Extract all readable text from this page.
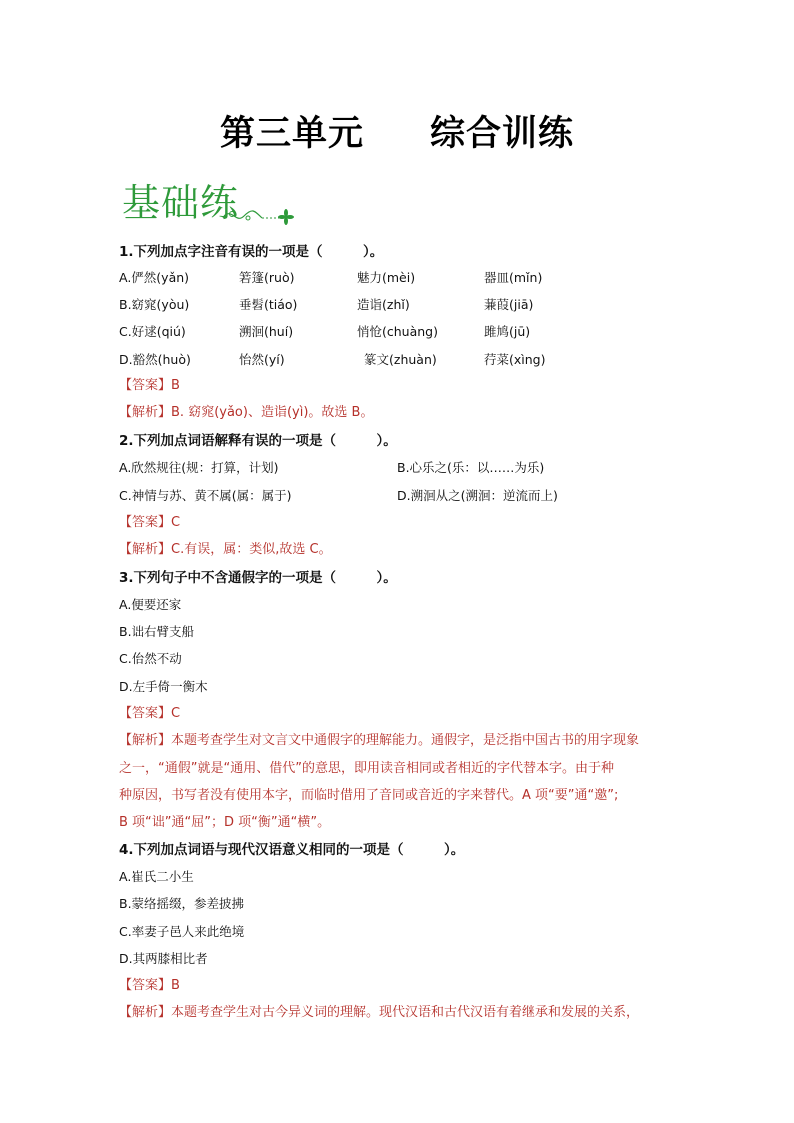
第三单元 综合训练
基础练
1.下列加点字注音有误的一项是（　　　）。
A.俨然(yǎn)	箬篷(ruò)	魅力(mèi)	器皿(mǐn)
B.窈窕(yòu)	垂髫(tiáo)	造诣(zhǐ)	蒹葭(jiā)
C.好逑(qiú)	溯洄(huí)	悄怆(chuàng)	雎鸠(jū)
D.豁然(huò)	怡然(yí)	篆文(zhuàn)	荇菜(xìng)
【答案】B
【解析】B. 窈窕(yǎo)、造诣(yì)。故选 B。
2.下列加点词语解释有误的一项是（　　　）。
A.欣然规往(规：打算，计划)	B.心乐之(乐：以……为乐)
C.神情与苏、黄不属(属：属于)	D.溯洄从之(溯洄：逆流而上)
【答案】C
【解析】C.有误，属：类似,故选 C。
3.下列句子中不含通假字的一项是（　　　）。
A.便要还家
B.诎右臂支船
C.佁然不动
D.左手倚一衡木
【答案】C
【解析】本题考查学生对文言文中通假字的理解能力。通假字，是泛指中国古书的用字现象
之一，“通假”就是“通用、借代”的意思，即用读音相同或者相近的字代替本字。由于种
种原因，书写者没有使用本字，而临时借用了音同或音近的字来替代。A 项“要”通“邀”;
B 项“诎”通“屈”；D 项“衡”通“横”。
4.下列加点词语与现代汉语意义相同的一项是（　　　）。
A.崔氏二小生
B.蒙络摇缀，参差披拂
C.率妻子邑人来此绝境
D.其两膝相比者
【答案】B
【解析】本题考查学生对古今异义词的理解。现代汉语和古代汉语有着继承和发展的关系，
